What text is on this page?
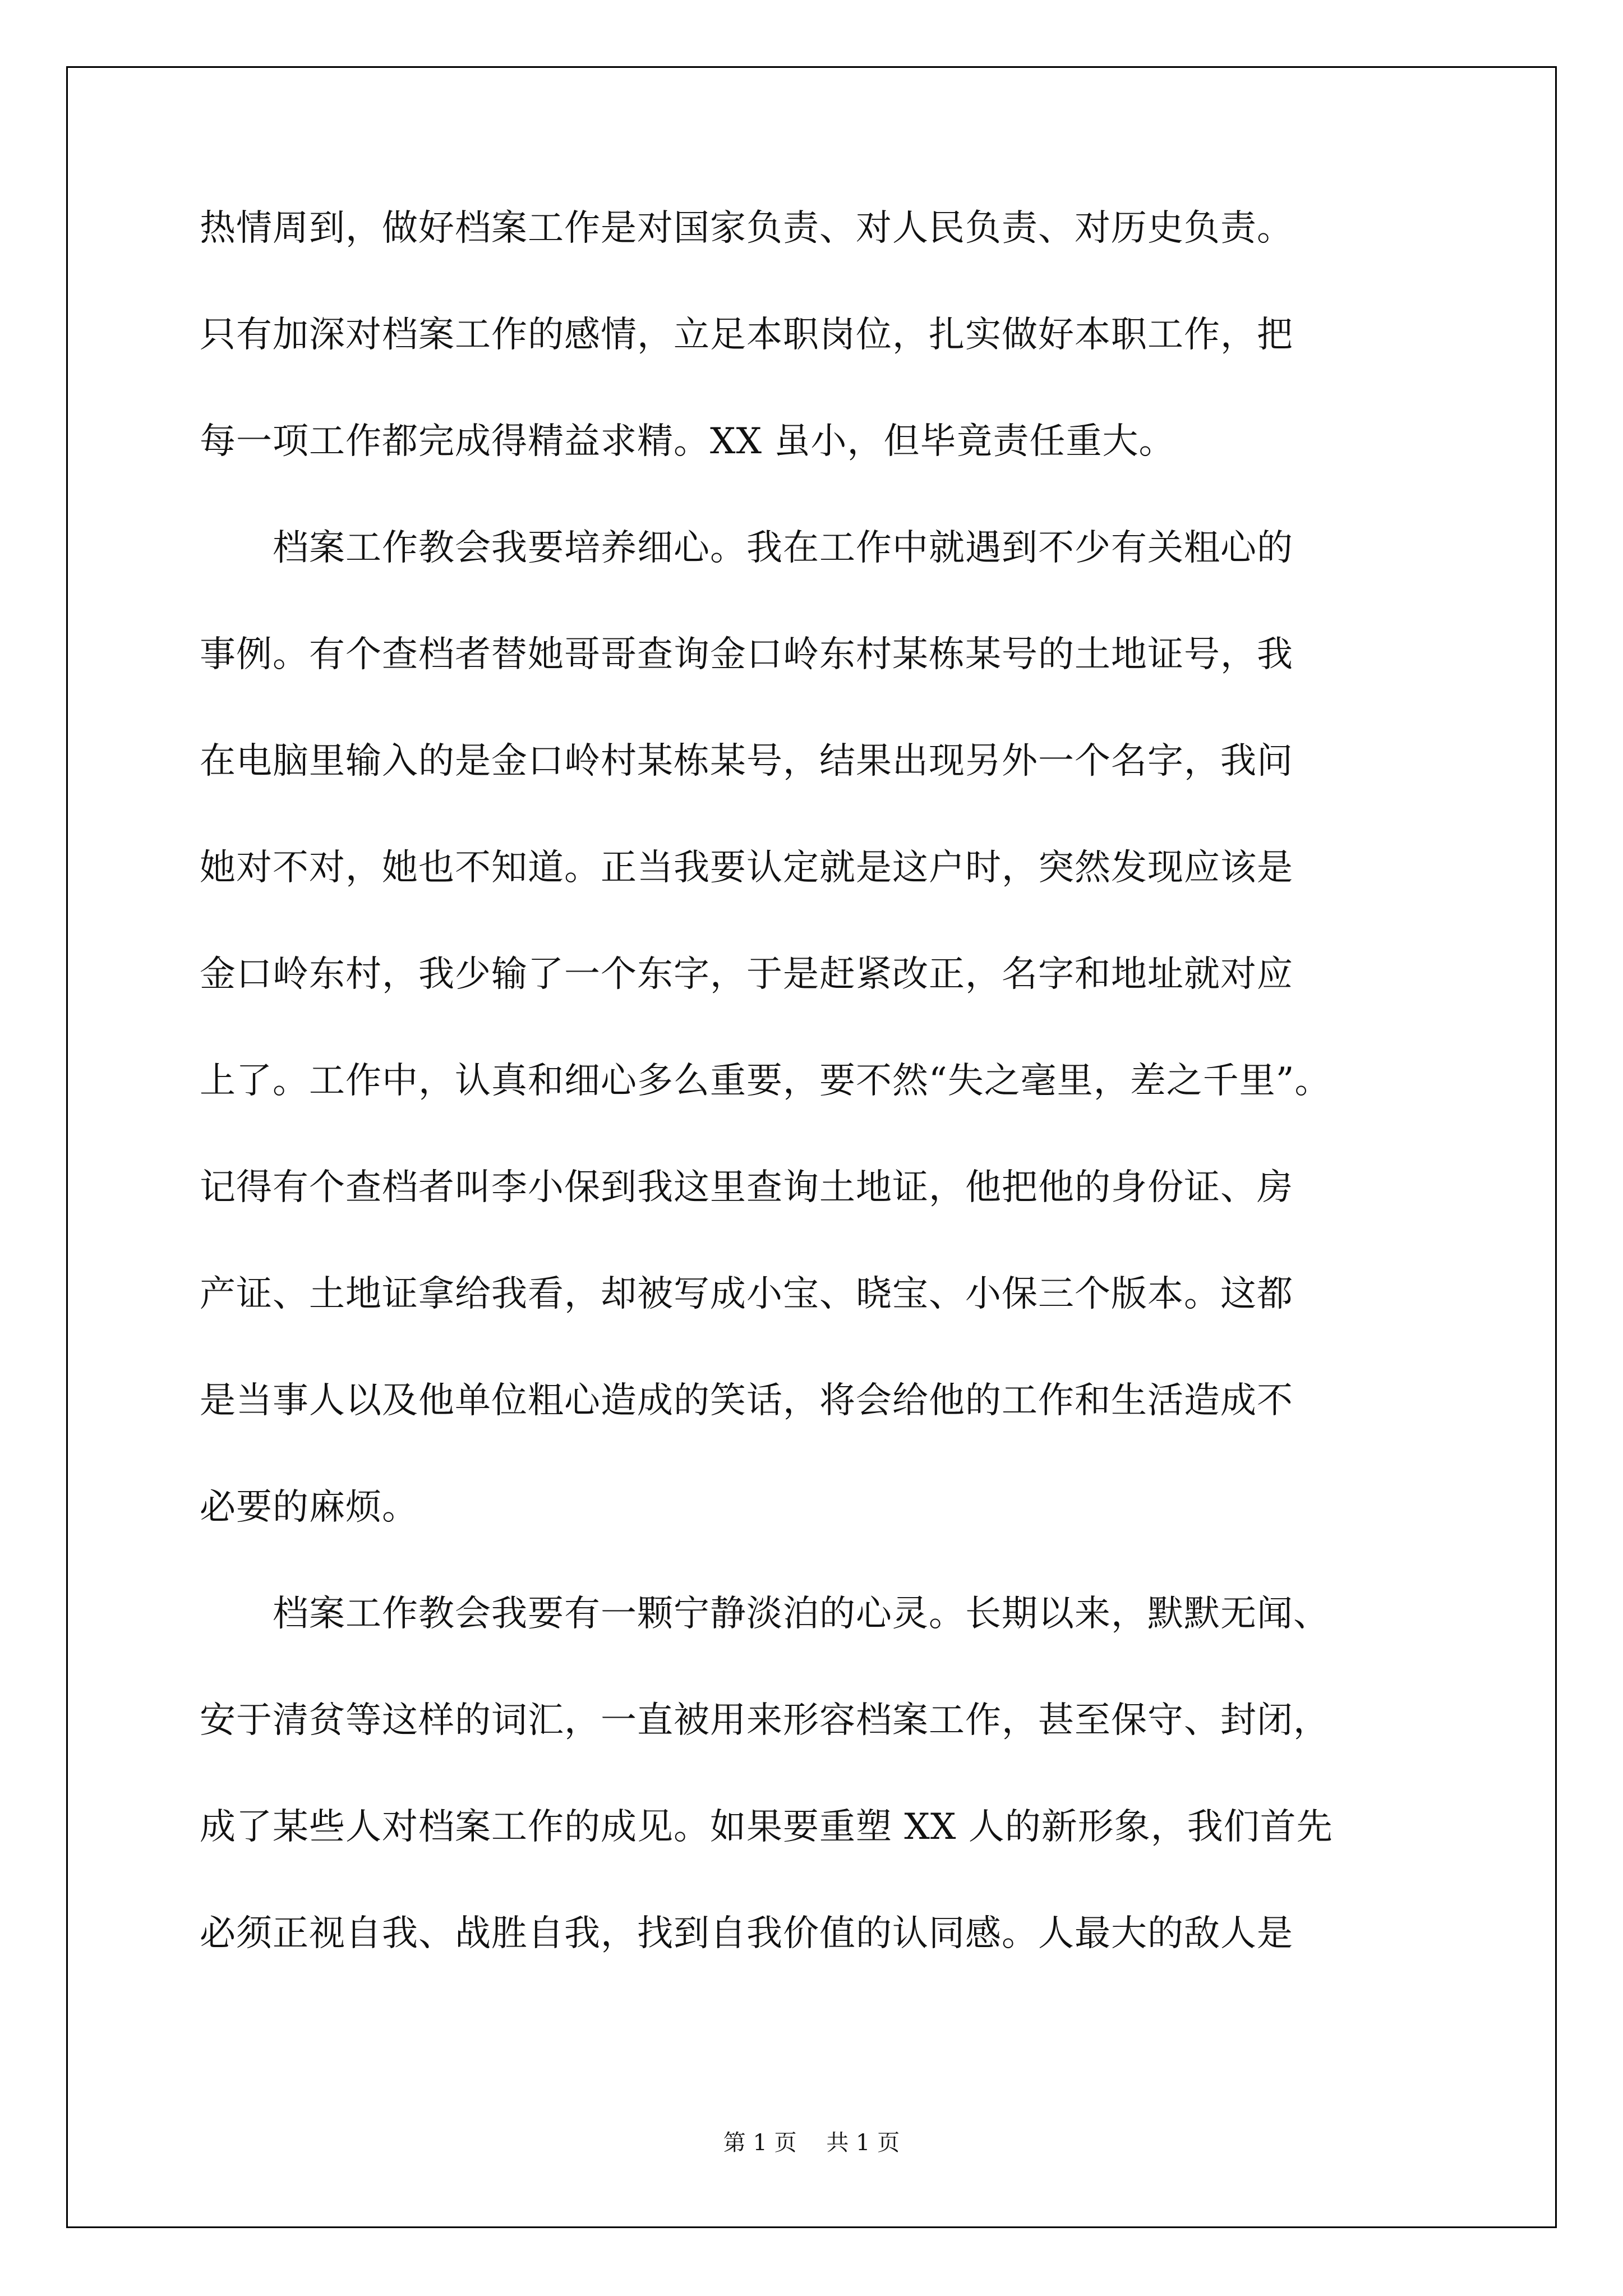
热情周到，做好档案工作是对国家负责、对人民负责、对历史负责。
只有加深对档案工作的感情，立足本职岗位，扎实做好本职工作，把
每一项工作都完成得精益求精。XX 虽小，但毕竟责任重大。
　　档案工作教会我要培养细心。我在工作中就遇到不少有关粗心的
事例。有个查档者替她哥哥查询金口岭东村某栋某号的土地证号，我
在电脑里输入的是金口岭村某栋某号，结果出现另外一个名字，我问
她对不对，她也不知道。正当我要认定就是这户时，突然发现应该是
金口岭东村，我少输了一个东字，于是赶紧改正，名字和地址就对应
上了。工作中，认真和细心多么重要，要不然“失之毫里，差之千里”。
记得有个查档者叫李小保到我这里查询土地证，他把他的身份证、房
产证、土地证拿给我看，却被写成小宝、晓宝、小保三个版本。这都
是当事人以及他单位粗心造成的笑话，将会给他的工作和生活造成不
必要的麻烦。
　　档案工作教会我要有一颗宁静淡泊的心灵。长期以来，默默无闻、
安于清贫等这样的词汇，一直被用来形容档案工作，甚至保守、封闭，
成了某些人对档案工作的成见。如果要重塑 XX 人的新形象，我们首先
必须正视自我、战胜自我，找到自我价值的认同感。人最大的敌人是
第 1 页　 共 1 页
